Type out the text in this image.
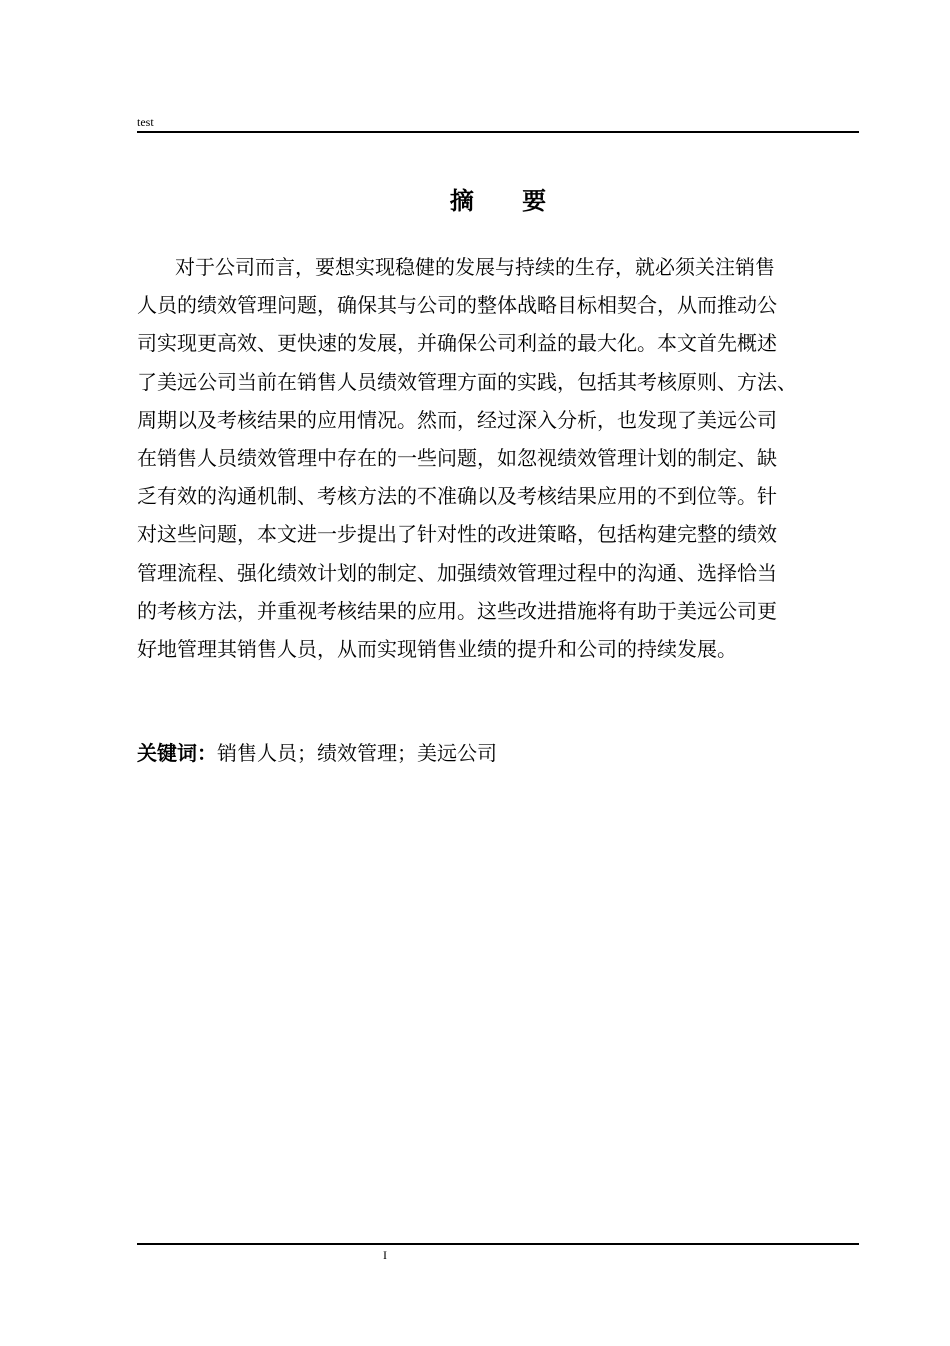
test
摘 要
对于公司而言，要想实现稳健的发展与持续的生存，就必须关注销售
人员的绩效管理问题，确保其与公司的整体战略目标相契合，从而推动公
司实现更高效、更快速的发展，并确保公司利益的最大化。本文首先概述
了美远公司当前在销售人员绩效管理方面的实践，包括其考核原则、方法、
周期以及考核结果的应用情况。然而，经过深入分析，也发现了美远公司
在销售人员绩效管理中存在的一些问题，如忽视绩效管理计划的制定、缺
乏有效的沟通机制、考核方法的不准确以及考核结果应用的不到位等。针
对这些问题，本文进一步提出了针对性的改进策略，包括构建完整的绩效
管理流程、强化绩效计划的制定、加强绩效管理过程中的沟通、选择恰当
的考核方法，并重视考核结果的应用。这些改进措施将有助于美远公司更
好地管理其销售人员，从而实现销售业绩的提升和公司的持续发展。
关键词：销售人员；绩效管理；美远公司
I
